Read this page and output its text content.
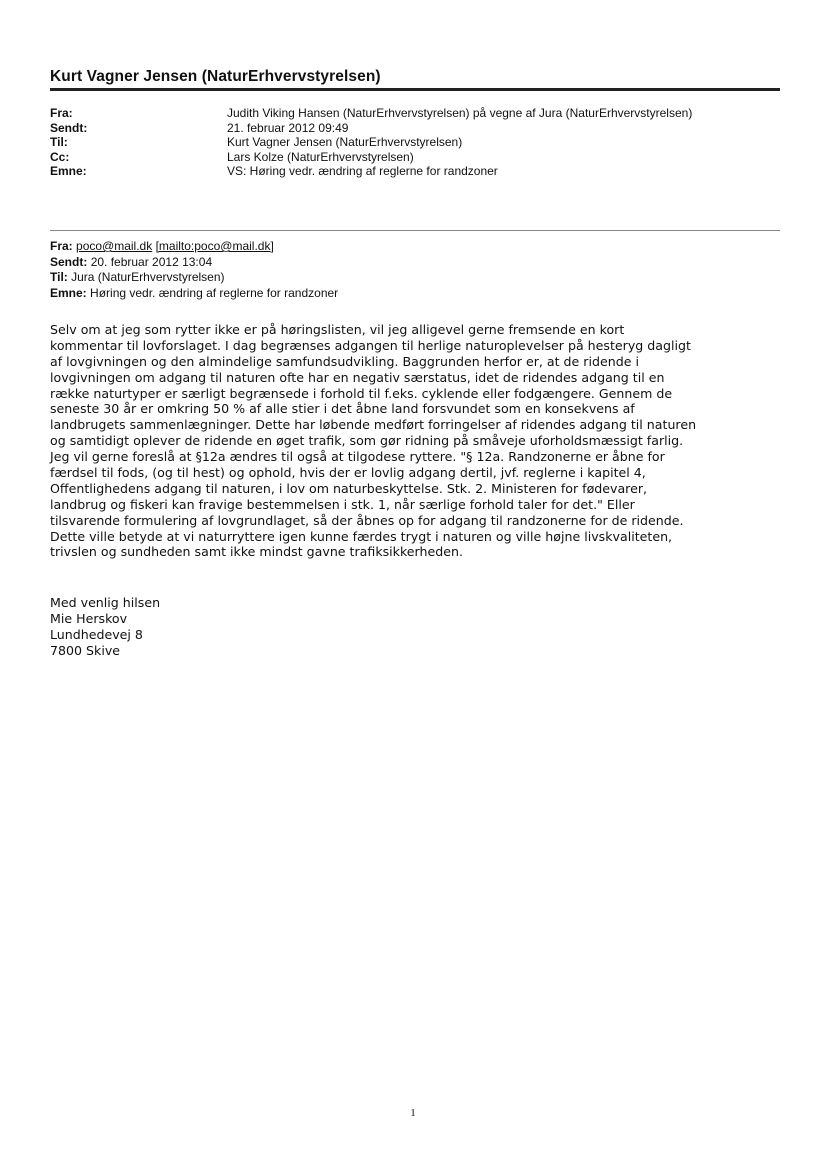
Kurt Vagner Jensen (NaturErhvervstyrelsen)
Fra:	Judith Viking Hansen (NaturErhvervstyrelsen) på vegne af Jura (NaturErhvervstyrelsen)
Sendt:	21. februar 2012 09:49
Til:	Kurt Vagner Jensen (NaturErhvervstyrelsen)
Cc:	Lars Kolze (NaturErhvervstyrelsen)
Emne:	VS: Høring vedr. ændring af reglerne for randzoner
Fra: poco@mail.dk [mailto:poco@mail.dk]
Sendt: 20. februar 2012 13:04
Til: Jura (NaturErhvervstyrelsen)
Emne: Høring vedr. ændring af reglerne for randzoner
Selv om at jeg som rytter ikke er på høringslisten, vil jeg alligevel gerne fremsende en kort
kommentar til lovforslaget. I dag begrænses adgangen til herlige naturoplevelser på hesteryg dagligt
af lovgivningen og den almindelige samfundsudvikling. Baggrunden herfor er, at de ridende i
lovgivningen om adgang til naturen ofte har en negativ særstatus, idet de ridendes adgang til en
række naturtyper er særligt begrænsede i forhold til f.eks. cyklende eller fodgængere. Gennem de
seneste 30 år er omkring 50 % af alle stier i det åbne land forsvundet som en konsekvens af
landbrugets sammenlægninger. Dette har løbende medført forringelser af ridendes adgang til naturen
og samtidigt oplever de ridende en øget trafik, som gør ridning på småveje uforholdsmæssigt farlig.
Jeg vil gerne foreslå at §12a ændres til også at tilgodese ryttere. "§ 12a. Randzonerne er åbne for
færdsel til fods, (og til hest) og ophold, hvis der er lovlig adgang dertil, jvf. reglerne i kapitel 4,
Offentlighedens adgang til naturen, i lov om naturbeskyttelse. Stk. 2. Ministeren for fødevarer,
landbrug og fiskeri kan fravige bestemmelsen i stk. 1, når særlige forhold taler for det." Eller
tilsvarende formulering af lovgrundlaget, så der åbnes op for adgang til randzonerne for de ridende.
Dette ville betyde at vi naturryttere igen kunne færdes trygt i naturen og ville højne livskvaliteten,
trivslen og sundheden samt ikke mindst gavne trafiksikkerheden.
Med venlig hilsen
Mie Herskov
Lundhedevej 8
7800 Skive
1
